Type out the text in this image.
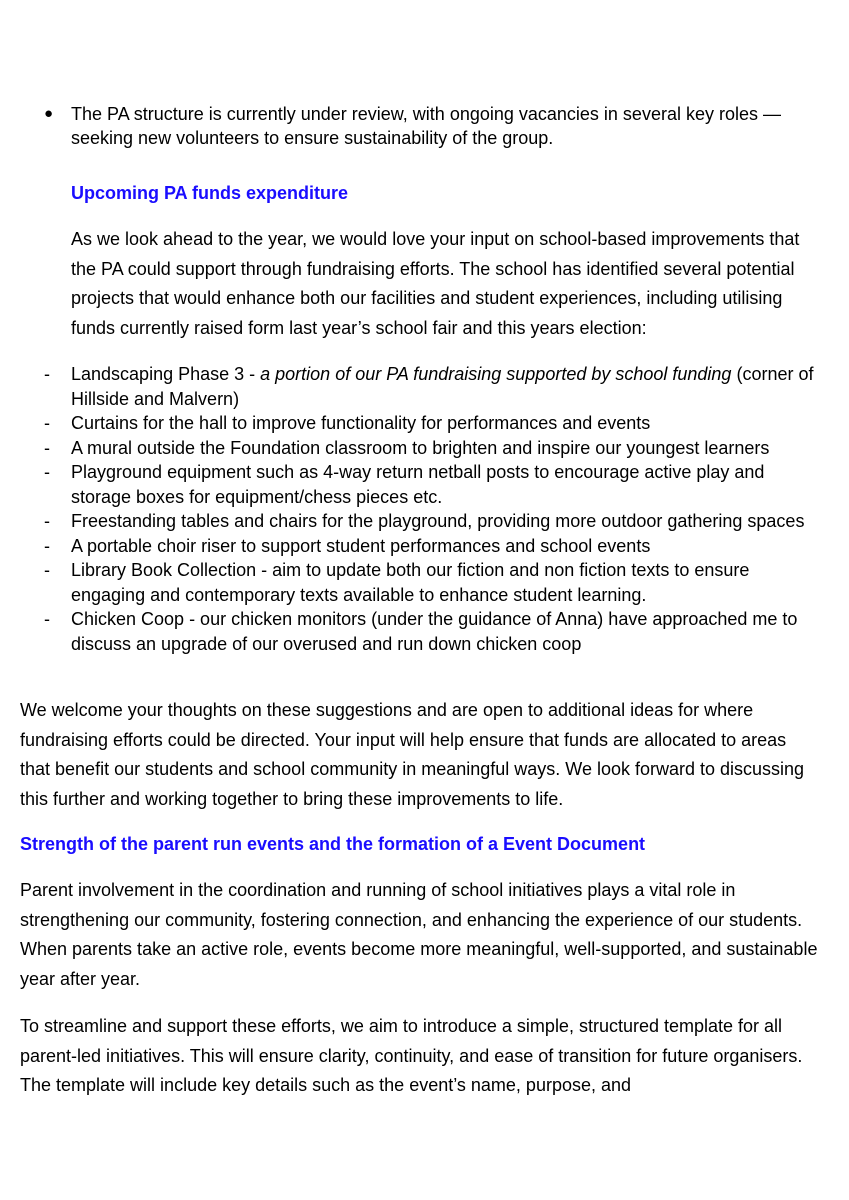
● The PA structure is currently under review, with ongoing vacancies in several key roles — seeking new volunteers to ensure sustainability of the group.
Upcoming PA funds expenditure

As we look ahead to the year, we would love your input on school-based improvements that the PA could support through fundraising efforts. The school has identified several potential projects that would enhance both our facilities and student experiences, including utilising funds currently raised form last year’s school fair and this years election:

-	Landscaping Phase 3 - a portion of our PA fundraising supported by school funding (corner of Hillside and Malvern)
-	Curtains for the hall to improve functionality for performances and events
-	A mural outside the Foundation classroom to brighten and inspire our youngest learners
-	Playground equipment such as 4-way return netball posts to encourage active play and storage boxes for equipment/chess pieces etc.
-	Freestanding tables and chairs for the playground, providing more outdoor gathering spaces
-	A portable choir riser to support student performances and school events
-	Library Book Collection - aim to update both our fiction and non fiction texts to ensure engaging and contemporary texts available to enhance student learning.
-	Chicken Coop - our chicken monitors (under the guidance of Anna) have approached me to discuss an upgrade of our overused and run down chicken coop

We welcome your thoughts on these suggestions and are open to additional ideas for where fundraising efforts could be directed. Your input will help ensure that funds are allocated to areas that benefit our students and school community in meaningful ways. We look forward to discussing this further and working together to bring these improvements to life.

Strength of the parent run events and the formation of a Event Document

Parent involvement in the coordination and running of school initiatives plays a vital role in strengthening our community, fostering connection, and enhancing the experience of our students. When parents take an active role, events become more meaningful, well-supported, and sustainable year after year.

To streamline and support these efforts, we aim to introduce a simple, structured template for all parent-led initiatives. This will ensure clarity, continuity, and ease of transition for future organisers. The template will include key details such as the event’s name, purpose, and
